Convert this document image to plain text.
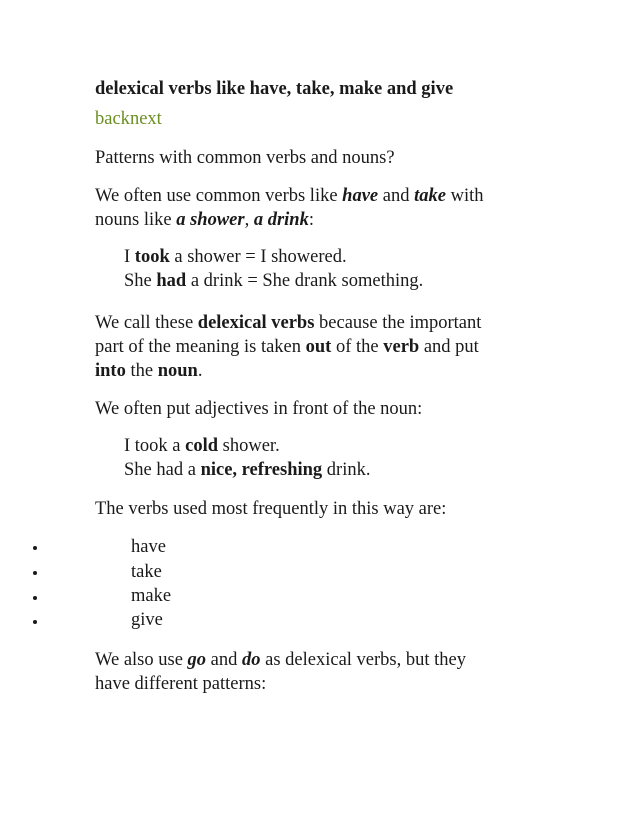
delexical verbs like have, take, make and give
backnext
Patterns with common verbs and nouns?
We often use common verbs like have and take with
nouns like a shower, a drink:
I took a shower = I showered.
She had a drink = She drank something.
We call these delexical verbs because the important
part of the meaning is taken out of the verb and put
into the noun.
We often put adjectives in front of the noun:
I took a cold shower.
She had a nice, refreshing drink.
The verbs used most frequently in this way are:
have
take
make
give
We also use go and do as delexical verbs, but they
have different patterns:
